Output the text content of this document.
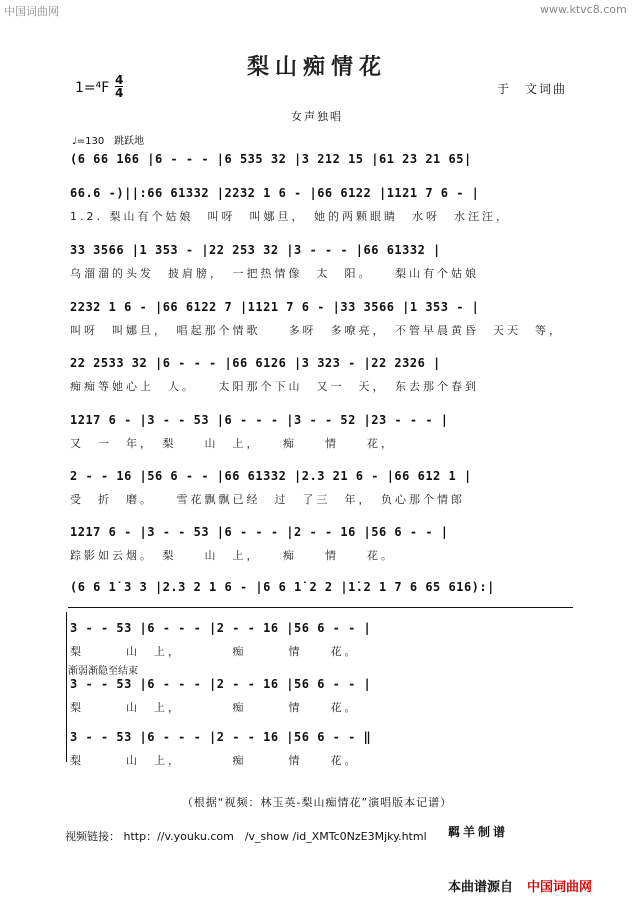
中国词曲网	www.ktvc8.com
梨山痴情花
1=⁴F 4
4	于　文词曲
女声独唱
♩=130　跳跃地
(6 66 1̇66 |6 - - - |6 535 32 |3 212 15 |61 23 21 65|
66.6 -)||:66 61332 |2232 1 6 - |66 6122 |1121 7 6 - |
1.2. 梨山有个姑娘　叫呀　叫娜旦，　她的两颗眼睛　水呀　水汪汪，
33 3566 |1 353 - |22 253 32 |3 - - - |66 61332 |
乌溜溜的头发　披肩膀，　一把热情像　太　阳。　　梨山有个姑娘
2232 1 6 - |66 6122 7 |1121 7 6 - |33 3566 |1 353 - |
叫呀　叫娜旦，　唱起那个情歌　　多呀　多嘹亮，　不管早晨黄昏　天天　等，
22 2533 32 |6 - - - |66 6126 |3 323 - |22 2326 |
痴痴等她心上　人。　　太阳那个下山　又一　天，　东去那个春到
1217 6 - |3 - - 53 |6 - - - |3 - - 52 |23 - - - |
又　一　年，　梨　　山　上，　　痴　　情　　花，
2 - - 16 |56 6 - - |66 61332 |2.3 21 6 - |66 612 1 |
受　折　磨。　　雪花飘飘已经　过　了三　年，　负心那个情郎
1217 6 - |3 - - 53 |6 - - - |2 - - 16 |56 6 - - |
踪影如云烟。　梨　　山　上，　　痴　　情　　花。
(6 6 1̇ 3 3 |2.3 2 1 6 - |6 6 1̇ 2 2 |1̇.2 1 7 6 65 616):|
3 - - 53 |6 - - - |2 - - 16 |56 6 - - |
梨　　　山　上，　　　　痴　　　情　　花。
渐弱渐隐至结束
3 - - 53 |6 - - - |2 - - 16 |56 6 - - |
梨　　　山　上，　　　　痴　　　情　　花。
3 - - 53 |6 - - - |2 - - 16 |56 6 - - ‖
梨　　　山　上，　　　　痴　　　情　　花。
（根据“视频：林玉英-梨山痴情花”演唱版本记谱）
视频链接： http：//v.youku.com　/v_show /id_XMTc0NzE3Mjky.html 羁羊制谱
本曲谱源自 中国词曲网
